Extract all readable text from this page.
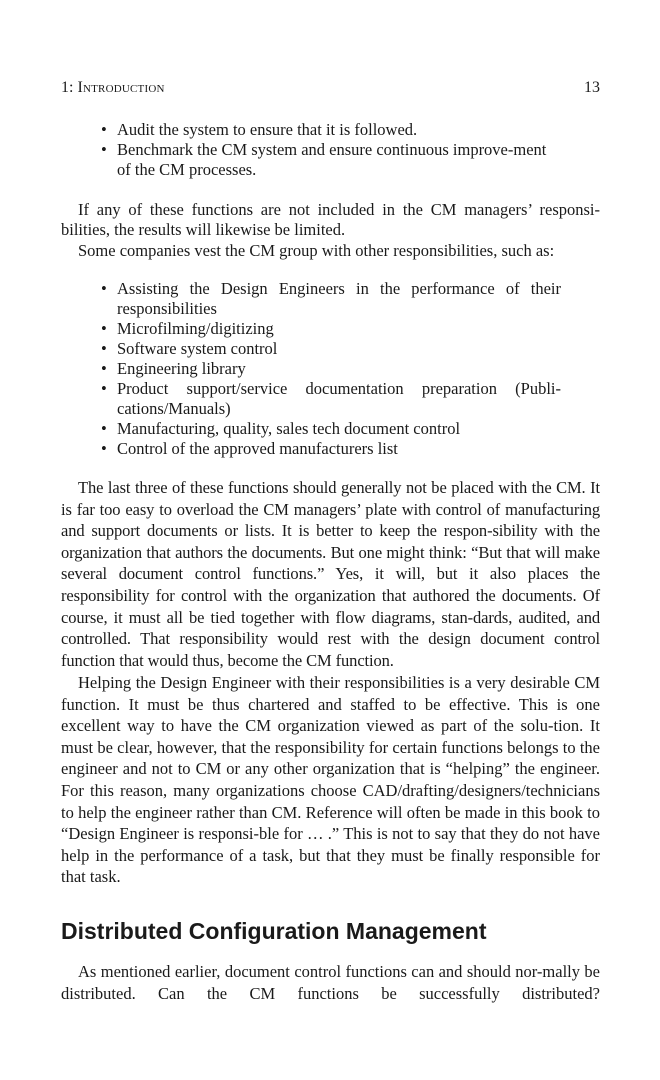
1: Introduction	13
• Audit the system to ensure that it is followed.
• Benchmark the CM system and ensure continuous improve-ment of the CM processes.

If any of these functions are not included in the CM managers’ responsi-bilities, the results will likewise be limited.

Some companies vest the CM group with other responsibilities, such as:

• Assisting the Design Engineers in the performance of their responsibilities
• Microfilming/digitizing
• Software system control
• Engineering library
• Product support/service documentation preparation (Publi-cations/Manuals)
• Manufacturing, quality, sales tech document control
• Control of the approved manufacturers list

The last three of these functions should generally not be placed with the CM. It is far too easy to overload the CM managers’ plate with control of manufacturing and support documents or lists. It is better to keep the respon-sibility with the organization that authors the documents. But one might think: “But that will make several document control functions.” Yes, it will, but it also places the responsibility for control with the organization that authored the documents. Of course, it must all be tied together with flow diagrams, stan-dards, audited, and controlled. That responsibility would rest with the design document control function that would thus, become the CM function.

Helping the Design Engineer with their responsibilities is a very desirable CM function. It must be thus chartered and staffed to be effective. This is one excellent way to have the CM organization viewed as part of the solu-tion. It must be clear, however, that the responsibility for certain functions belongs to the engineer and not to CM or any other organization that is “helping” the engineer. For this reason, many organizations choose CAD/drafting/designers/technicians to help the engineer rather than CM. Reference will often be made in this book to “Design Engineer is responsi-ble for … .” This is not to say that they do not have help in the performance of a task, but that they must be finally responsible for that task.

Distributed Configuration Management

As mentioned earlier, document control functions can and should nor-mally be distributed. Can the CM functions be successfully distributed?
